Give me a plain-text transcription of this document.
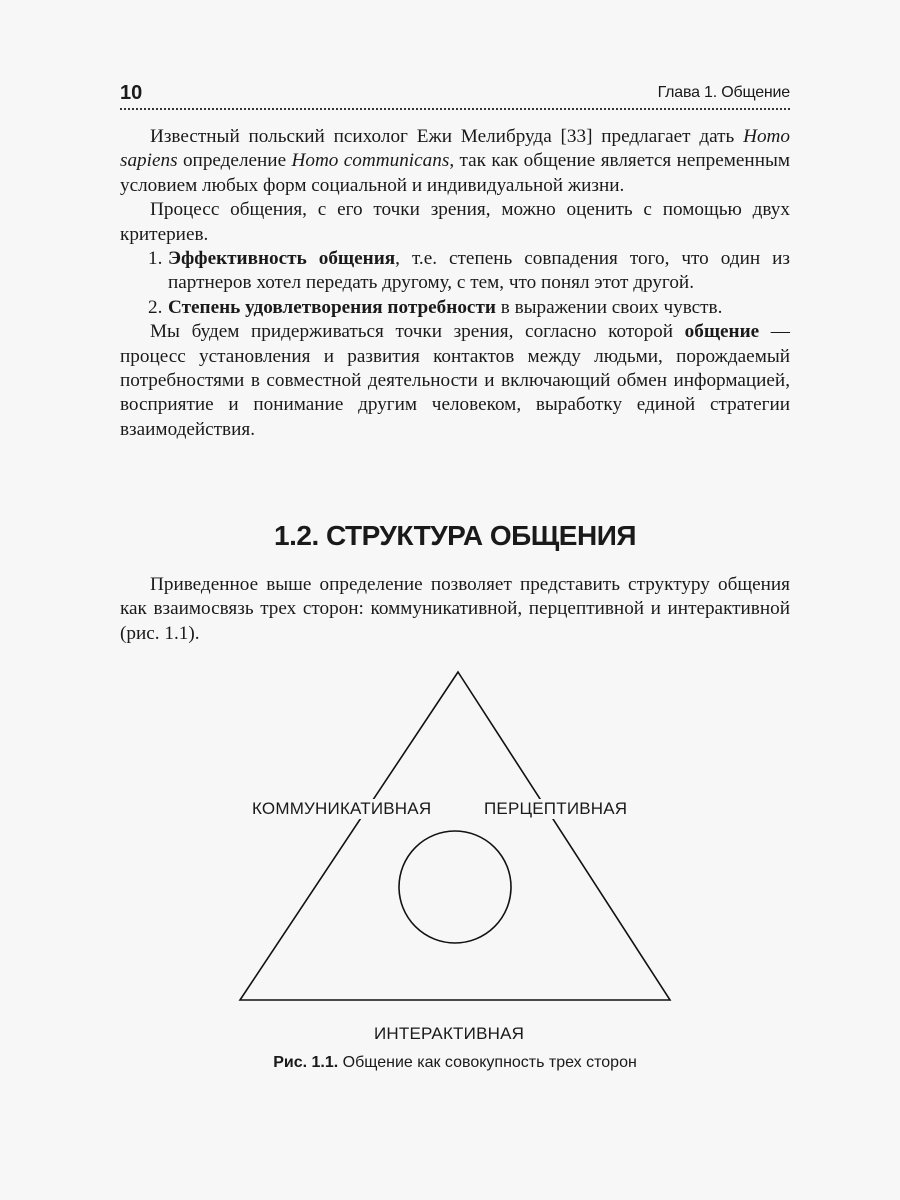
10	Глава 1. Общение

Известный польский психолог Ежи Мелибруда [33] предлагает дать Homo sapiens определение Homo communicans, так как общение является непременным условием любых форм социальной и индивидуальной жизни.

Процесс общения, с его точки зрения, можно оценить с помощью двух критериев.

1. Эффективность общения, т.е. степень совпадения того, что один из партнеров хотел передать другому, с тем, что понял этот другой.

2. Степень удовлетворения потребности в выражении своих чувств.

Мы будем придерживаться точки зрения, согласно которой общение — процесс установления и развития контактов между людьми, порождаемый потребностями в совместной деятельности и включающий обмен информацией, восприятие и понимание другим человеком, выработку единой стратегии взаимодействия.

1.2. СТРУКТУРА ОБЩЕНИЯ

Приведенное выше определение позволяет представить структуру общения как взаимосвязь трех сторон: коммуникативной, перцептивной и интерактивной (рис. 1.1).

КОММУНИКАТИВНАЯ	ПЕРЦЕПТИВНАЯ
ИНТЕРАКТИВНАЯ
Рис. 1.1. Общение как совокупность трех сторон
